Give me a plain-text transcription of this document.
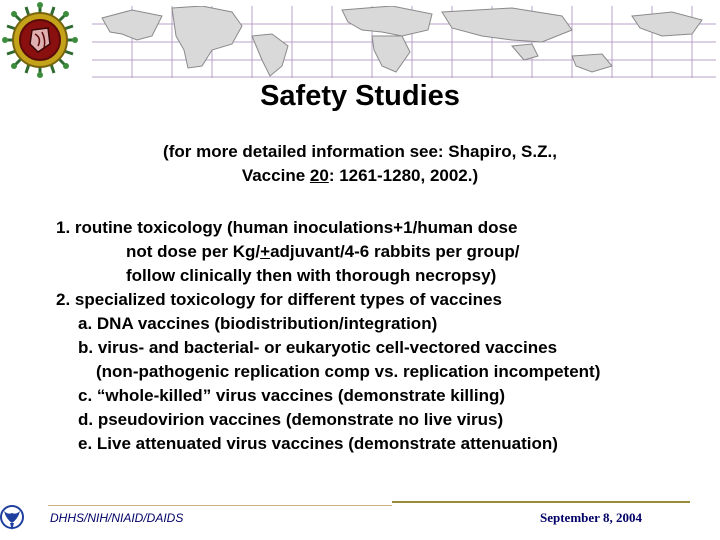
Safety Studies
(for more detailed information see: Shapiro, S.Z.,
Vaccine 20: 1261-1280, 2002.)
1. routine toxicology (human inoculations+1/human dose
not dose per Kg/+adjuvant/4-6 rabbits per group/
follow clinically then with thorough necropsy)
2. specialized toxicology for different types of vaccines
a. DNA vaccines (biodistribution/integration)
b. virus- and bacterial- or eukaryotic cell-vectored vaccines
(non-pathogenic replication comp vs. replication incompetent)
c. “whole-killed” virus vaccines (demonstrate killing)
d. pseudovirion vaccines (demonstrate no live virus)
e. Live attenuated virus vaccines (demonstrate attenuation)
DHHS/NIH/NIAID/DAIDS	September 8, 2004
